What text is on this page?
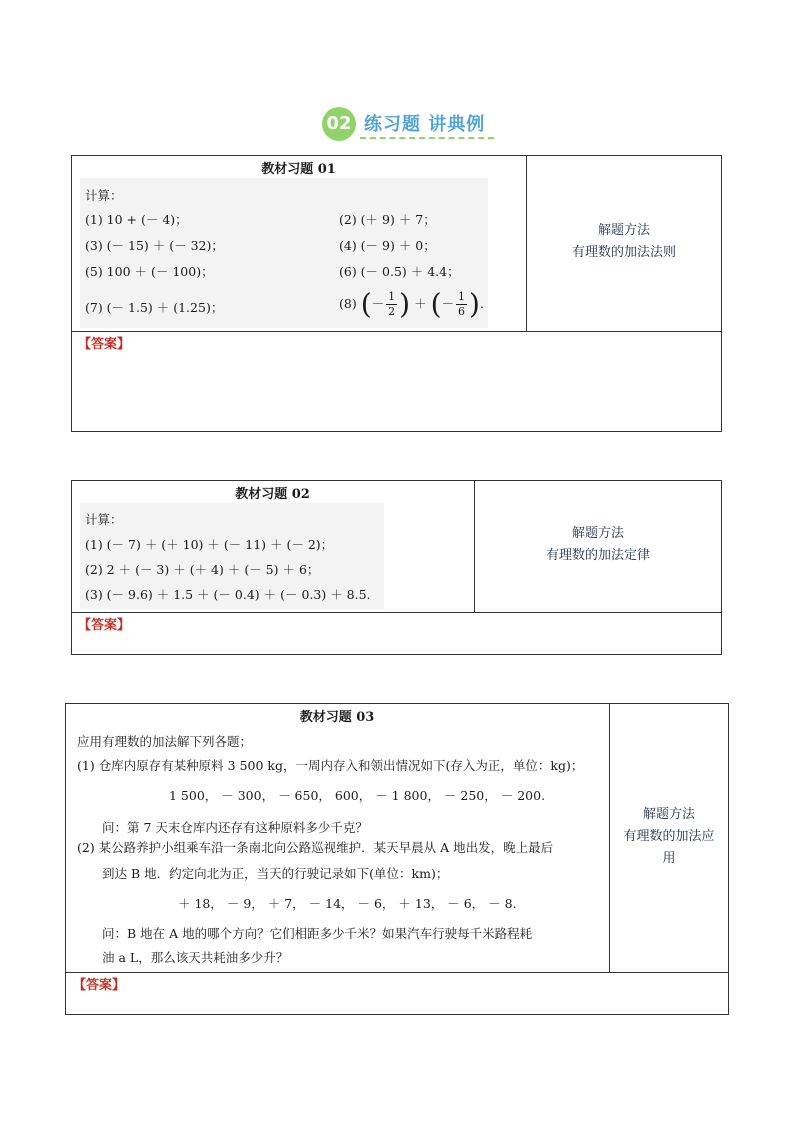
02 练习题 讲典例
教材习题 01
计算：
(1) 10 + (－ 4)；	(2) (＋ 9) ＋ 7；
(3) (－ 15) ＋ (－ 32)；	(4) (－ 9) ＋ 0；
(5) 100 ＋ (－ 100)；	(6) (－ 0.5) ＋ 4.4；
(7) (－ 1.5) ＋ (1.25)；	(8) (－ $\frac{1}{2}$ ) ＋ (－ $\frac{1}{6}$ ).
解题方法
有理数的加法法则
【答案】
教材习题 02
计算：
(1) (－ 7) ＋ (＋ 10) ＋ (－ 11) ＋ (－ 2)；
(2) 2 ＋ (－ 3) ＋ (＋ 4) ＋ (－ 5) ＋ 6；
(3) (－ 9.6) ＋ 1.5 ＋ (－ 0.4) ＋ (－ 0.3) ＋ 8.5.
解题方法
有理数的加法定律
【答案】
教材习题 03
应用有理数的加法解下列各题；
(1) 仓库内原存有某种原料 3 500 kg，一周内存入和领出情况如下(存入为正，单位：kg)；
1 500， － 300， － 650， 600， － 1 800， － 250， － 200.
问：第 7 天末仓库内还存有这种原料多少千克？
(2) 某公路养护小组乘车沿一条南北向公路巡视维护．某天早晨从 A 地出发，晚上最后
到达 B 地．约定向北为正，当天的行驶记录如下(单位：km)；
＋ 18， － 9， ＋ 7， － 14， － 6， ＋ 13， － 6， － 8.
问：B 地在 A 地的哪个方向？它们相距多少千米？如果汽车行驶每千米路程耗
油 a L，那么该天共耗油多少升？
解题方法
有理数的加法应
用
【答案】
